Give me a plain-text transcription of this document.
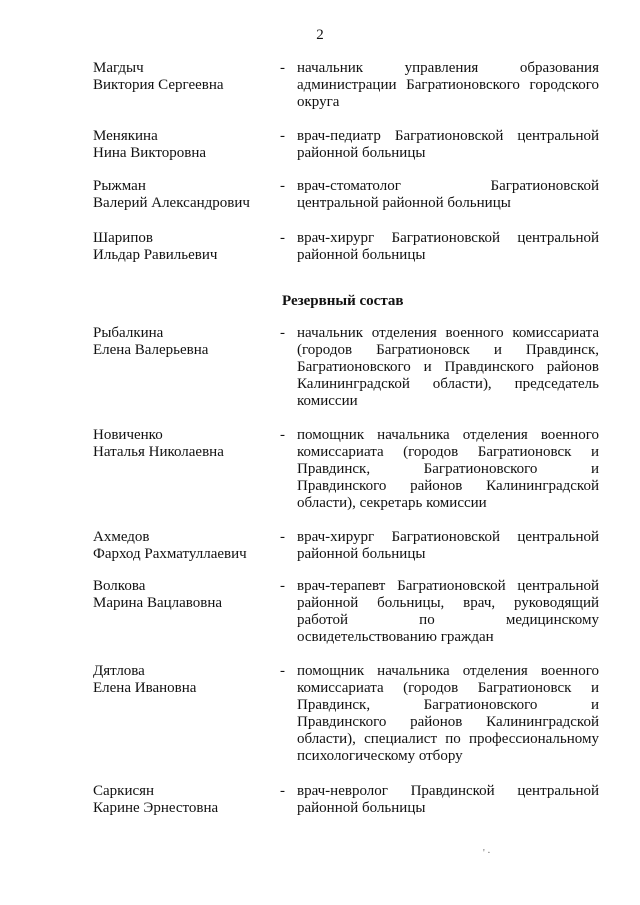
2
Магдыч
Виктория Сергеевна
- начальник управления образования
администрации Багратионовского городского
округа
Менякина
Нина Викторовна
- врач-педиатр Багратионовской центральной
районной больницы
Рыжман
Валерий Александрович
- врач-стоматолог Багратионовской
центральной районной больницы
Шарипов
Ильдар Равильевич
- врач-хирург Багратионовской центральной
районной больницы
Резервный состав
Рыбалкина
Елена Валерьевна
- начальник отделения военного комиссариата
(городов Багратионовск и Правдинск,
Багратионовского и Правдинского районов
Калининградской области), председатель
комиссии
Новиченко
Наталья Николаевна
- помощник начальника отделения военного
комиссариата (городов Багратионовск и
Правдинск, Багратионовского и
Правдинского районов Калининградской
области), секретарь комиссии
Ахмедов
Фарход Рахматуллаевич
- врач-хирург Багратионовской центральной
районной больницы
Волкова
Марина Вацлавовна
- врач-терапевт Багратионовской центральной
районной больницы, врач, руководящий
работой по медицинскому
освидетельствованию граждан
Дятлова
Елена Ивановна
- помощник начальника отделения военного
комиссариата (городов Багратионовск и
Правдинск, Багратионовского и
Правдинского районов Калининградской
области), специалист по профессиональному
психологическому отбору
Саркисян
Карине Эрнестовна
- врач-невролог Правдинской центральной
районной больницы
' ·
